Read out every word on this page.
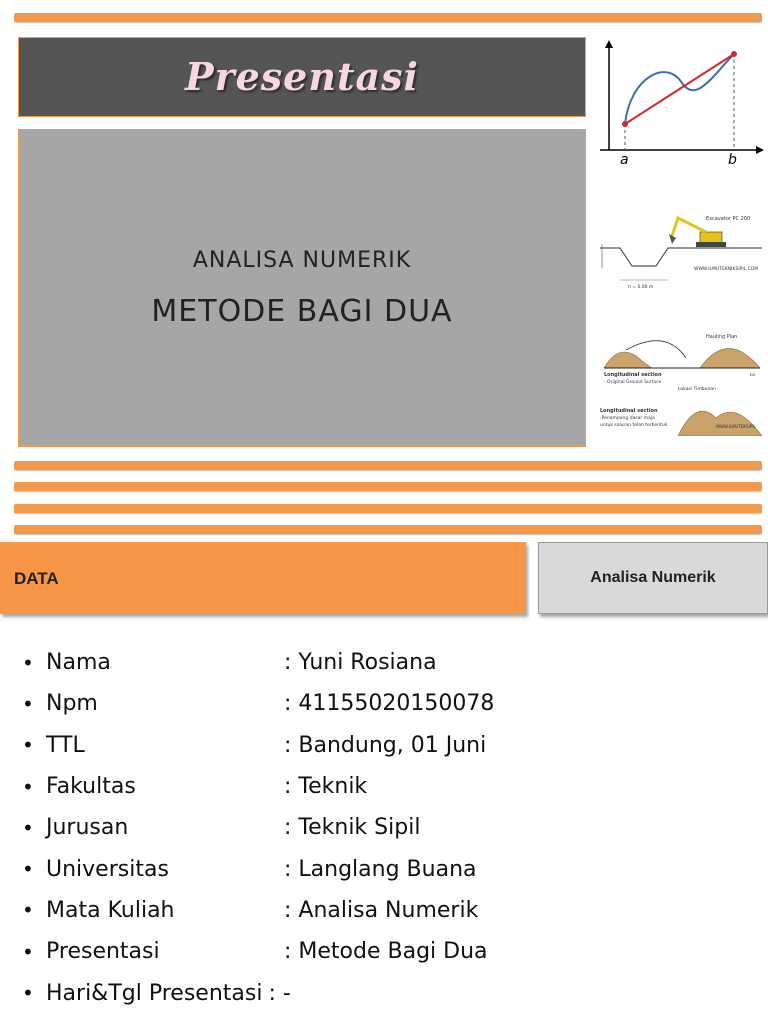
Presentasi
ANALISA NUMERIK
METODE BAGI DUA
a	b
Excavator PC 200
WWW.ILMUTEKNIKSIPIL.COM
h = 6.00 m
Hauling Plan
Longitudinal section
- Original Ground Surface
Lokasi Timbunan
Lo
Longitudinal section
-Penampang dasar maja
untuk saluran telah terbentuk	WWW.ILMUTEKSIPIL
DATA	Analisa Numerik
• Nama	: Yuni Rosiana
• Npm	: 41155020150078
• TTL	: Bandung, 01 Juni
• Fakultas	: Teknik
• Jurusan	: Teknik Sipil
• Universitas	: Langlang Buana
• Mata Kuliah	: Analisa Numerik
• Presentasi	: Metode Bagi Dua
• Hari&Tgl Presentasi : -
